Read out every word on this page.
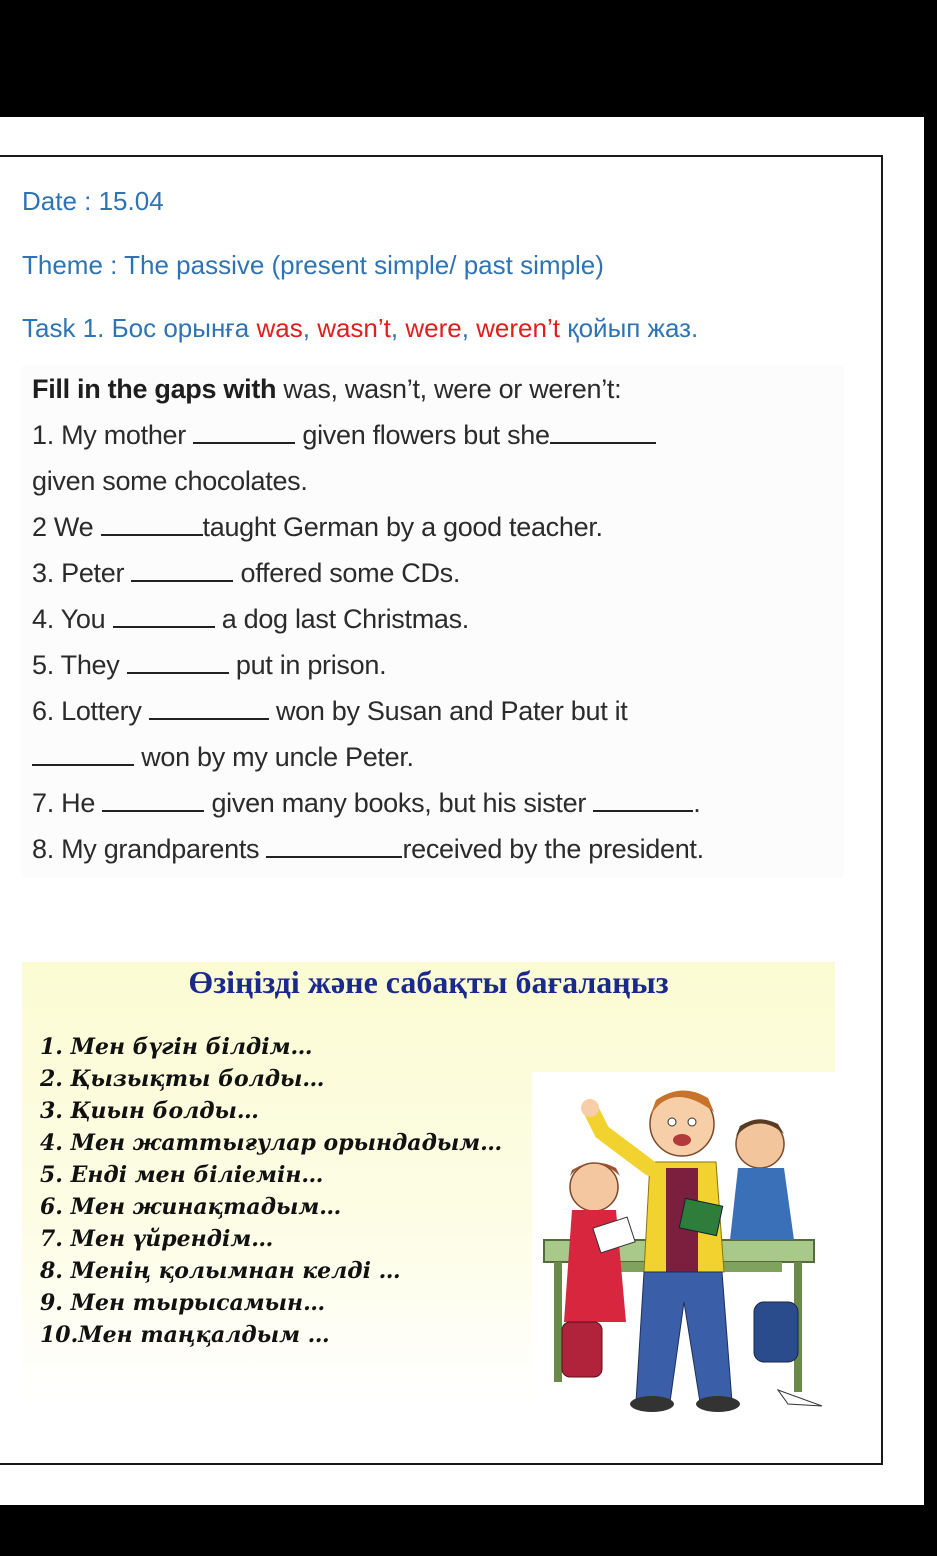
Date : 15.04
Theme : The passive (present simple/ past simple)
Task 1. Бос орынға was, wasn’t, were, weren’t қойып жаз.
Fill in the gaps with was, wasn’t, were or weren’t:
1. My mother	given flowers but she
given some chocolates.
2 We	taught German by a good teacher.
3. Peter	offered some CDs.
4. You	a dog last Christmas.
5. They	put in prison.
6. Lottery	won by Susan and Pater but it
won by my uncle Peter.
7. He	given many books, but his sister	.
8. My grandparents	received by the president.
Өзіңізді және сабақты бағалаңыз
1. Мен бүгін білдім…
2. Қызықты болды…
3. Қиын болды…
4. Мен жаттығулар орындадым…
5. Енді мен біліемін…
6. Мен жинақтадым…
7. Мен үйрендім…
8. Менің қолымнан келді …
9. Мен тырысамын…
10.Мен таңқалдым …
